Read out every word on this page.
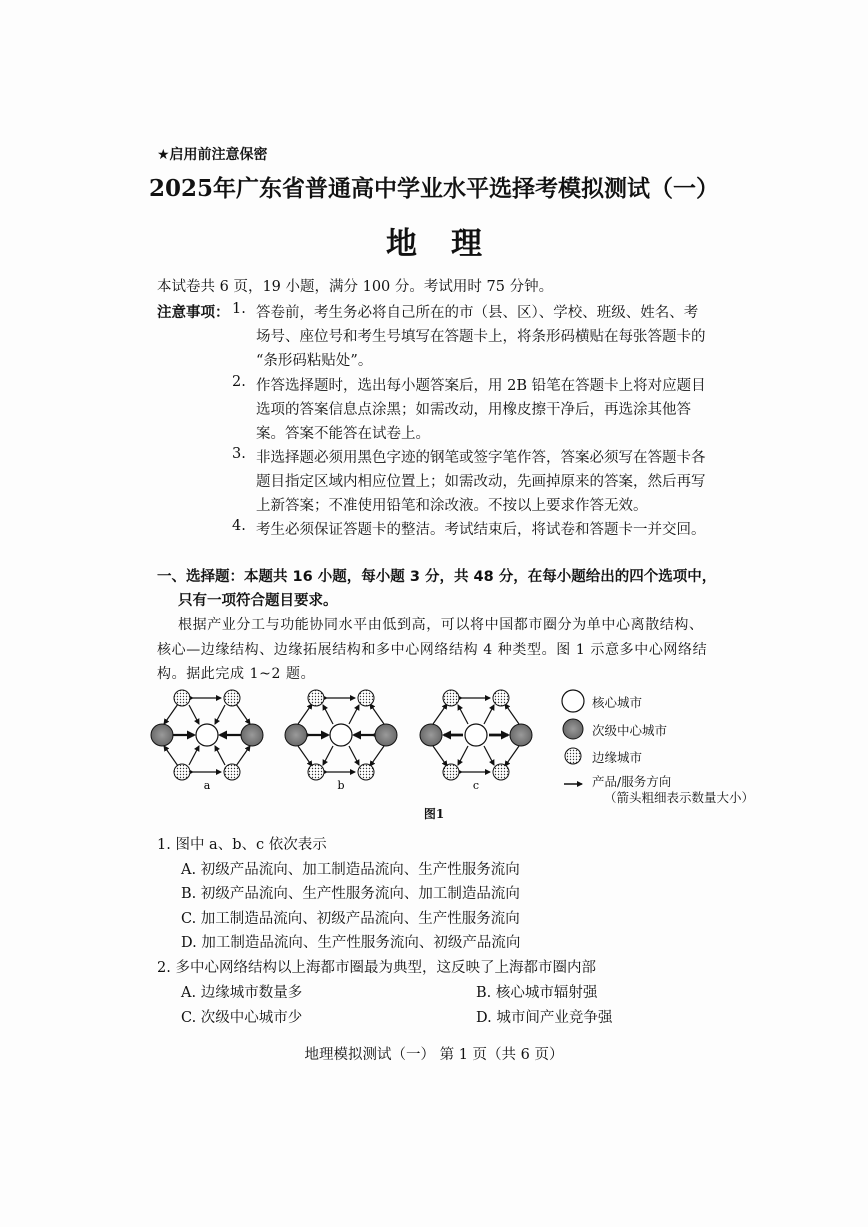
★启用前注意保密
2025年广东省普通高中学业水平选择考模拟测试（一）
地理
本试卷共 6 页，19 小题，满分 100 分。考试用时 75 分钟。
注意事项： 1. 答卷前，考生务必将自己所在的市（县、区）、学校、班级、姓名、考
场号、座位号和考生号填写在答题卡上，将条形码横贴在每张答题卡的
“条形码粘贴处”。
2. 作答选择题时，选出每小题答案后，用 2B 铅笔在答题卡上将对应题目
选项的答案信息点涂黑；如需改动，用橡皮擦干净后，再选涂其他答
案。答案不能答在试卷上。
3. 非选择题必须用黑色字迹的钢笔或签字笔作答，答案必须写在答题卡各
题目指定区域内相应位置上；如需改动，先画掉原来的答案，然后再写
上新答案；不准使用铅笔和涂改液。不按以上要求作答无效。
4. 考生必须保证答题卡的整洁。考试结束后，将试卷和答题卡一并交回。
一、选择题：本题共 16 小题，每小题 3 分，共 48 分，在每小题给出的四个选项中，
只有一项符合题目要求。
根据产业分工与功能协同水平由低到高，可以将中国都市圈分为单中心离散结构、
核心—边缘结构、边缘拓展结构和多中心网络结构 4 种类型。图 1 示意多中心网络结
构。据此完成 1~2 题。
a	b	c
核心城市
次级中心城市
边缘城市
产品/服务方向
（箭头粗细表示数量大小）
图1
1. 图中 a、b、c 依次表示
A. 初级产品流向、加工制造品流向、生产性服务流向
B. 初级产品流向、生产性服务流向、加工制造品流向
C. 加工制造品流向、初级产品流向、生产性服务流向
D. 加工制造品流向、生产性服务流向、初级产品流向
2. 多中心网络结构以上海都市圈最为典型，这反映了上海都市圈内部
A. 边缘城市数量多	B. 核心城市辐射强
C. 次级中心城市少	D. 城市间产业竞争强
地理模拟测试（一） 第 1 页（共 6 页）
